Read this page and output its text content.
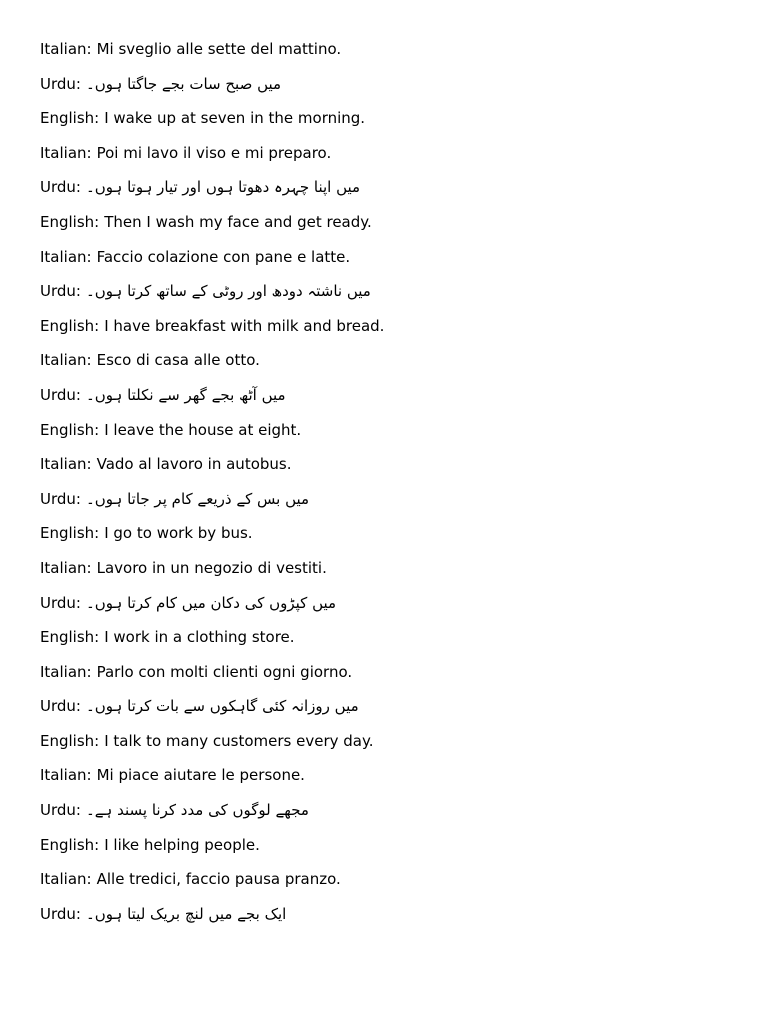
Italian: Mi sveglio alle sette del mattino.
Urdu: میں صبح سات بجے جاگتا ہوں۔
English: I wake up at seven in the morning.
Italian: Poi mi lavo il viso e mi preparo.
Urdu: میں اپنا چہرہ دھوتا ہوں اور تیار ہوتا ہوں۔
English: Then I wash my face and get ready.
Italian: Faccio colazione con pane e latte.
Urdu: میں ناشتہ دودھ اور روٹی کے ساتھ کرتا ہوں۔
English: I have breakfast with milk and bread.
Italian: Esco di casa alle otto.
Urdu: میں آٹھ بجے گھر سے نکلتا ہوں۔
English: I leave the house at eight.
Italian: Vado al lavoro in autobus.
Urdu: میں بس کے ذریعے کام پر جاتا ہوں۔
English: I go to work by bus.
Italian: Lavoro in un negozio di vestiti.
Urdu: میں کپڑوں کی دکان میں کام کرتا ہوں۔
English: I work in a clothing store.
Italian: Parlo con molti clienti ogni giorno.
Urdu: میں روزانہ کئی گاہکوں سے بات کرتا ہوں۔
English: I talk to many customers every day.
Italian: Mi piace aiutare le persone.
Urdu: مجھے لوگوں کی مدد کرنا پسند ہے۔
English: I like helping people.
Italian: Alle tredici, faccio pausa pranzo.
Urdu: ایک بجے میں لنچ بریک لیتا ہوں۔
